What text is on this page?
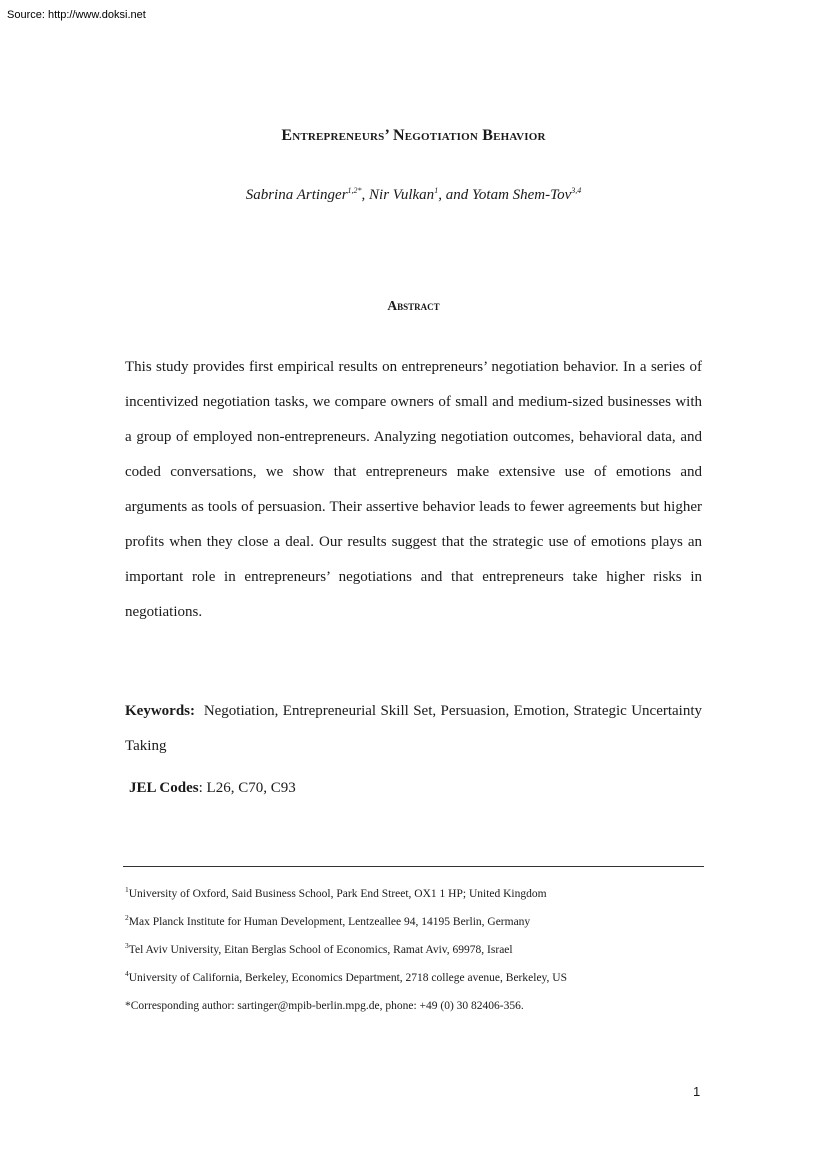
Source: http://www.doksi.net
Entrepreneurs’ Negotiation Behavior
Sabrina Artinger$^{1,2*}$, Nir Vulkan$^1$, and Yotam Shem-Tov$^{3,4}$
Abstract
This study provides first empirical results on entrepreneurs’ negotiation behavior. In a series of incentivized negotiation tasks, we compare owners of small and medium-sized businesses with a group of employed non-entrepreneurs. Analyzing negotiation outcomes, behavioral data, and coded conversations, we show that entrepreneurs make extensive use of emotions and arguments as tools of persuasion. Their assertive behavior leads to fewer agreements but higher profits when they close a deal. Our results suggest that the strategic use of emotions plays an important role in entrepreneurs’ negotiations and that entrepreneurs take higher risks in negotiations.
Keywords: Negotiation, Entrepreneurial Skill Set, Persuasion, Emotion, Strategic Uncertainty Taking
JEL Codes: L26, C70, C93
$^1$University of Oxford, Said Business School, Park End Street, OX1 1 HP; United Kingdom
$^2$Max Planck Institute for Human Development, Lentzeallee 94, 14195 Berlin, Germany
$^3$Tel Aviv University, Eitan Berglas School of Economics, Ramat Aviv, 69978, Israel
$^4$University of California, Berkeley, Economics Department, 2718 college avenue, Berkeley, US
*Corresponding author: sartinger@mpib-berlin.mpg.de, phone: +49 (0) 30 82406-356.
1
